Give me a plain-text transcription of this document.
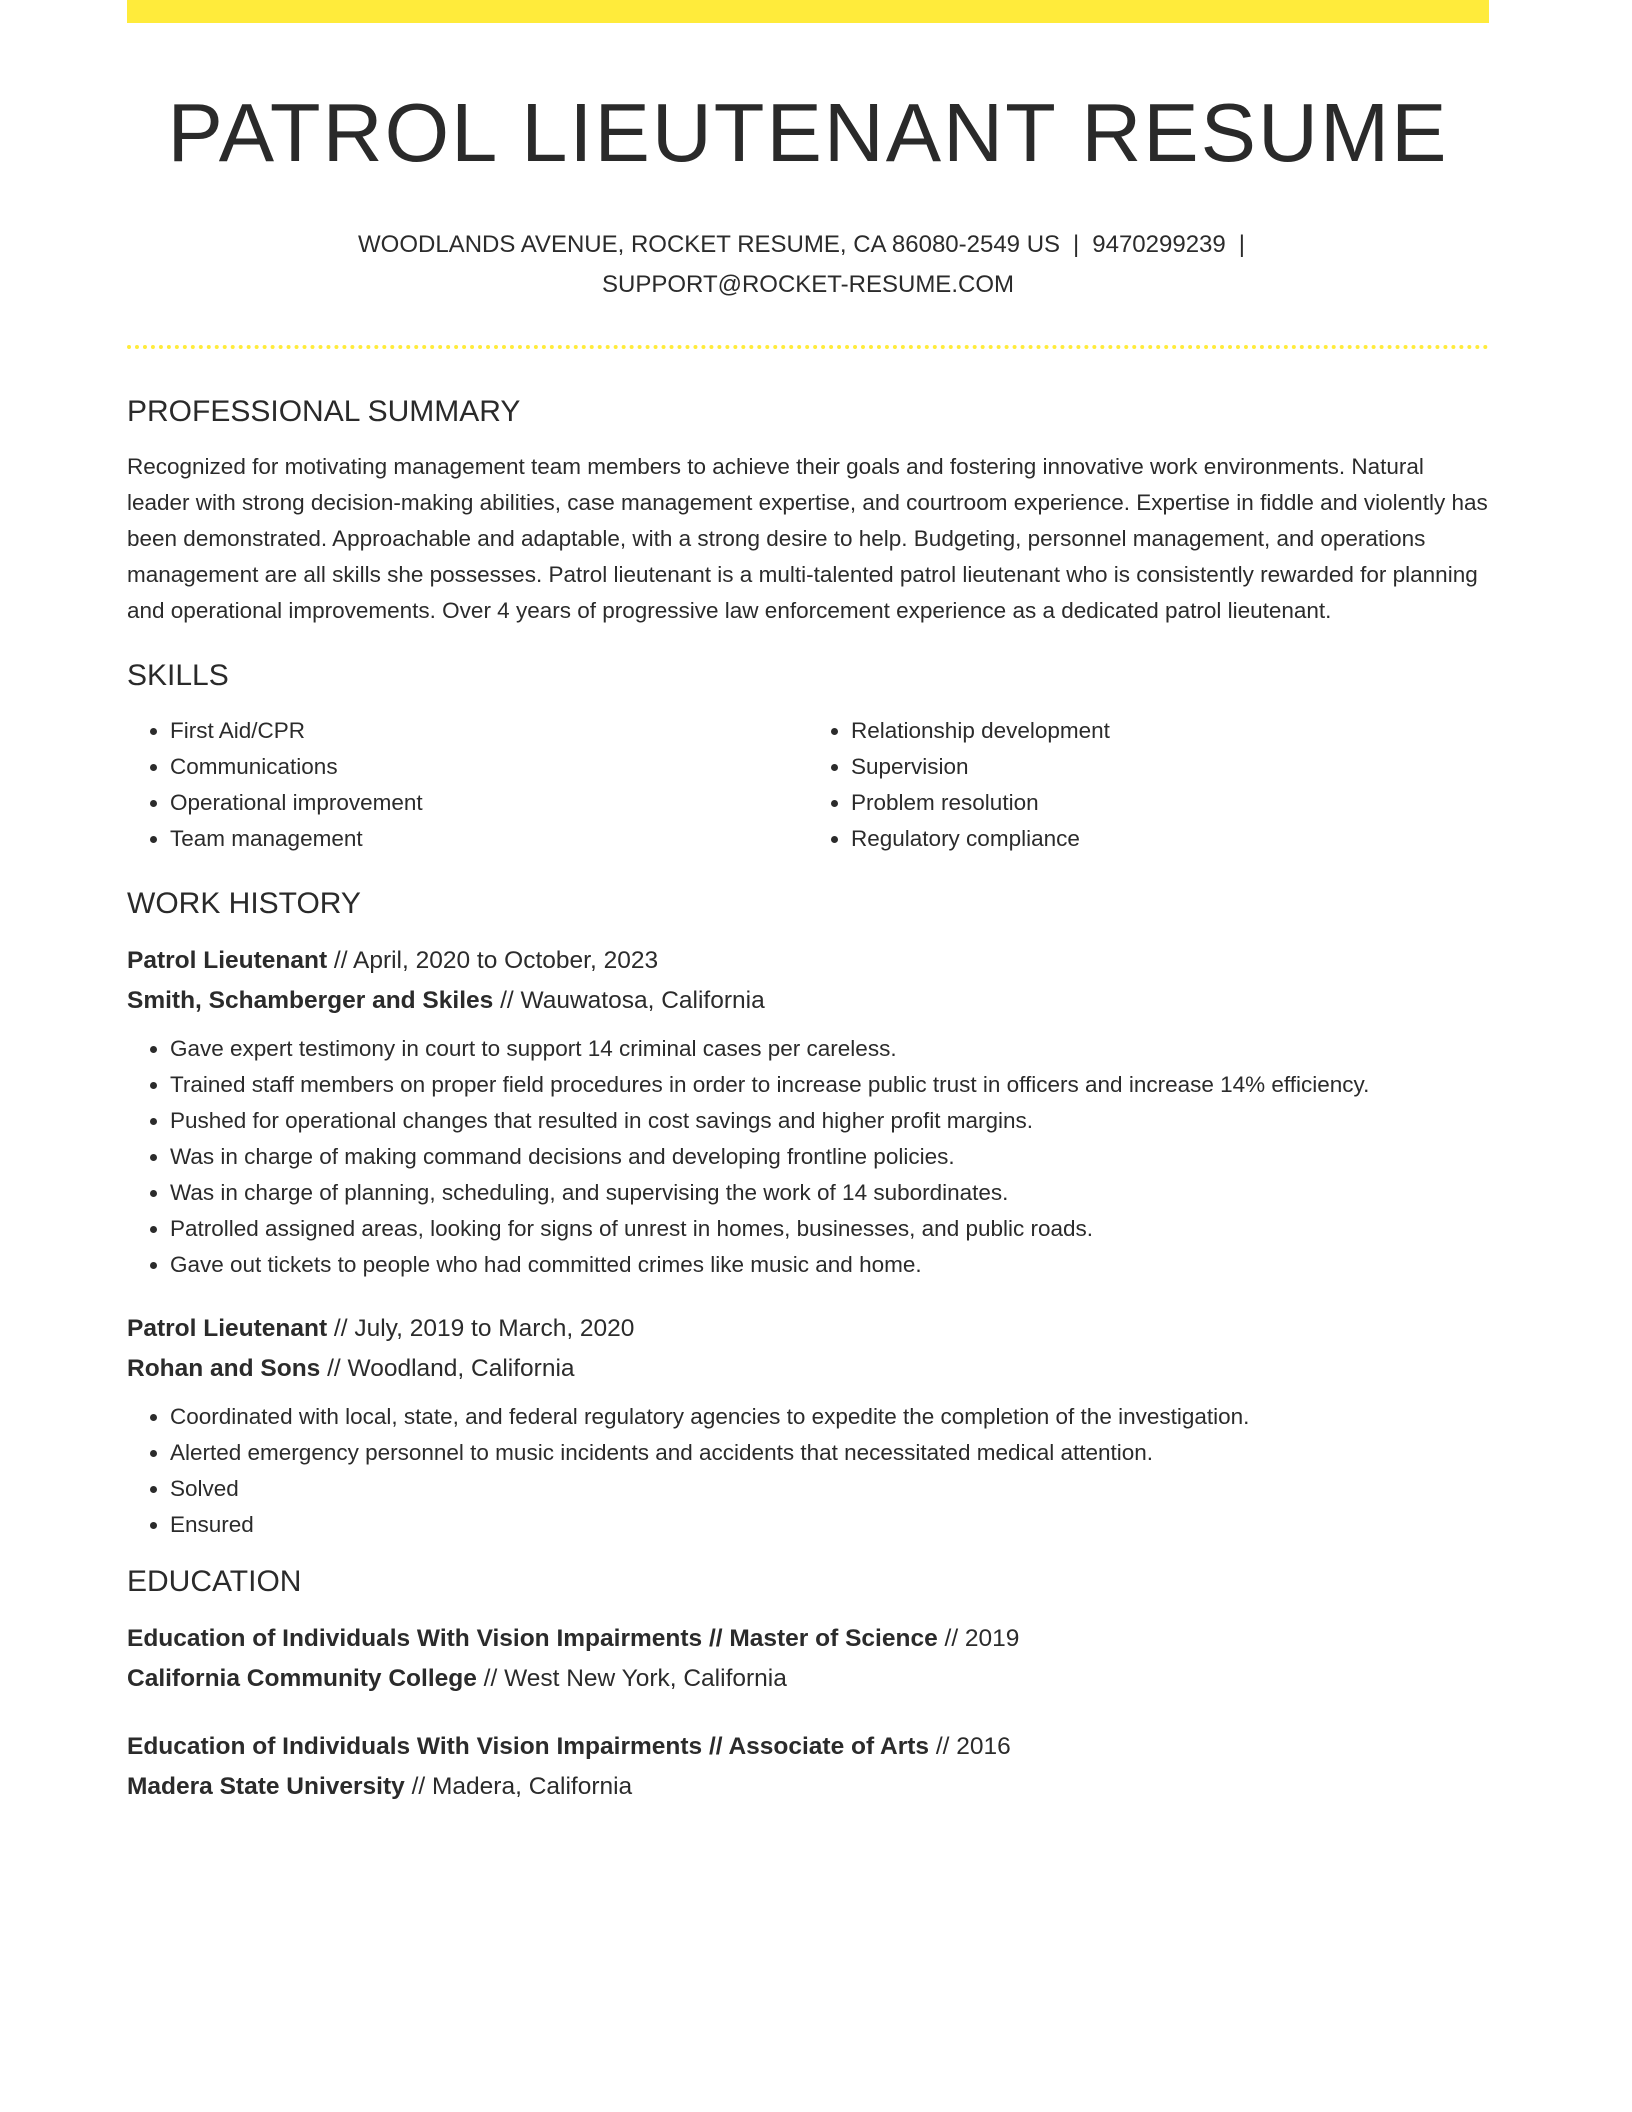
PATROL LIEUTENANT RESUME
WOODLANDS AVENUE, ROCKET RESUME, CA 86080-2549 US | 9470299239 |
SUPPORT@ROCKET-RESUME.COM
PROFESSIONAL SUMMARY

Recognized for motivating management team members to achieve their goals and fostering innovative work environments. Natural leader with strong decision-making abilities, case management expertise, and courtroom experience. Expertise in fiddle and violently has been demonstrated. Approachable and adaptable, with a strong desire to help. Budgeting, personnel management, and operations management are all skills she possesses. Patrol lieutenant is a multi-talented patrol lieutenant who is consistently rewarded for planning and operational improvements. Over 4 years of progressive law enforcement experience as a dedicated patrol lieutenant.

SKILLS
• First Aid/CPR
• Communications
• Operational improvement
• Team management
• Relationship development
• Supervision
• Problem resolution
• Regulatory compliance
WORK HISTORY
Patrol Lieutenant // April, 2020 to October, 2023
Smith, Schamberger and Skiles // Wauwatosa, California
• Gave expert testimony in court to support 14 criminal cases per careless.
• Trained staff members on proper field procedures in order to increase public trust in officers and increase 14% efficiency.
• Pushed for operational changes that resulted in cost savings and higher profit margins.
• Was in charge of making command decisions and developing frontline policies.
• Was in charge of planning, scheduling, and supervising the work of 14 subordinates.
• Patrolled assigned areas, looking for signs of unrest in homes, businesses, and public roads.
• Gave out tickets to people who had committed crimes like music and home.
Patrol Lieutenant // July, 2019 to March, 2020
Rohan and Sons // Woodland, California
• Coordinated with local, state, and federal regulatory agencies to expedite the completion of the investigation.
• Alerted emergency personnel to music incidents and accidents that necessitated medical attention.
• Solved
• Ensured
EDUCATION
Education of Individuals With Vision Impairments // Master of Science // 2019
California Community College // West New York, California
Education of Individuals With Vision Impairments // Associate of Arts // 2016
Madera State University // Madera, California
